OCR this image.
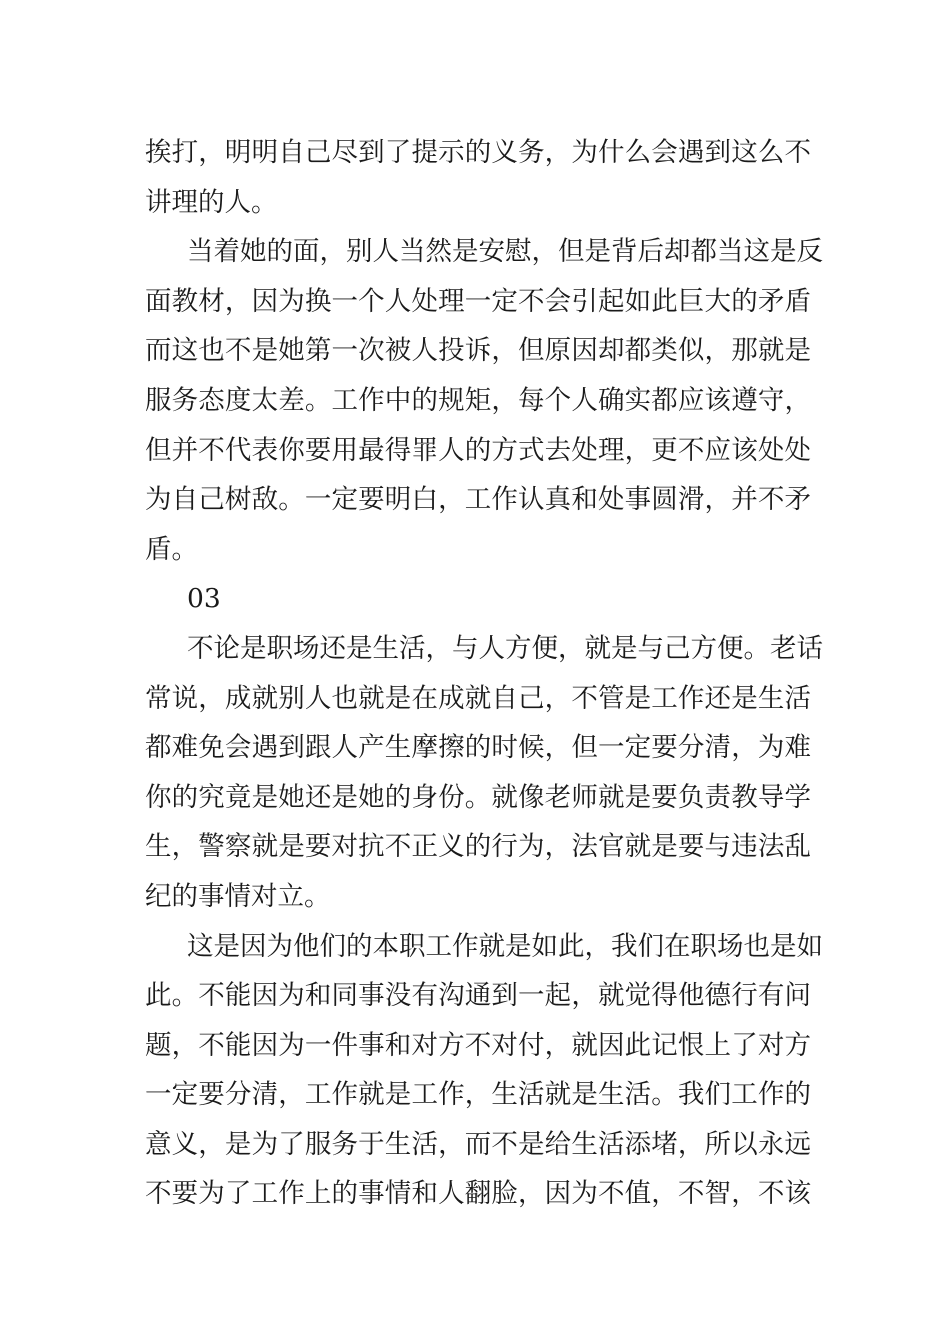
挨打，明明自己尽到了提示的义务，为什么会遇到这么不
讲理的人。
当着她的面，别人当然是安慰，但是背后却都当这是反
面教材，因为换一个人处理一定不会引起如此巨大的矛盾
而这也不是她第一次被人投诉，但原因却都类似，那就是
服务态度太差。工作中的规矩，每个人确实都应该遵守，
但并不代表你要用最得罪人的方式去处理，更不应该处处
为自己树敌。一定要明白，工作认真和处事圆滑，并不矛
盾。
03
不论是职场还是生活，与人方便，就是与己方便。老话
常说，成就别人也就是在成就自己，不管是工作还是生活
都难免会遇到跟人产生摩擦的时候，但一定要分清，为难
你的究竟是她还是她的身份。就像老师就是要负责教导学
生，警察就是要对抗不正义的行为，法官就是要与违法乱
纪的事情对立。
这是因为他们的本职工作就是如此，我们在职场也是如
此。不能因为和同事没有沟通到一起，就觉得他德行有问
题，不能因为一件事和对方不对付，就因此记恨上了对方
一定要分清，工作就是工作，生活就是生活。我们工作的
意义，是为了服务于生活，而不是给生活添堵，所以永远
不要为了工作上的事情和人翻脸，因为不值，不智，不该
